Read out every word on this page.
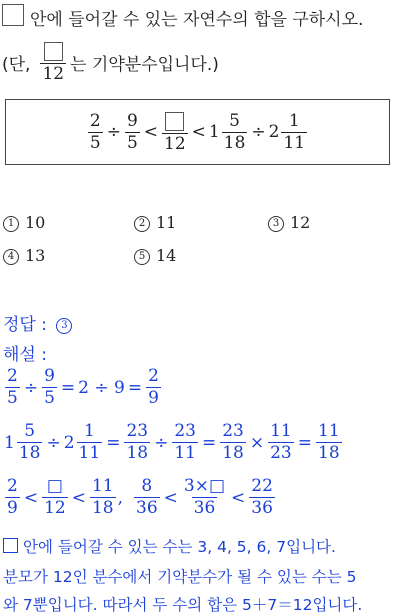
안에 들어갈 수 있는 자연수의 합을 구하시오.
(단, 12 는 기약분수입니다.)
$\frac{2}{5} \div \frac{9}{5}$ <
12
< $1 \frac{5}{18} \div 2 \frac{1}{11}$
1 10	2 11	3 12
4 13	5 14
정답 : 3
해설 :
$\frac{2}{5} \div \frac{9}{5} = 2 \div 9 = \frac{2}{9}$
$1 \frac{5}{18} \div 2 \frac{1}{11} = \frac{23}{18} \div \frac{23}{11} = \frac{23}{18} \times \frac{11}{23} = \frac{11}{18}$
$\frac{2}{9} < \frac{□}{12} < \frac{11}{18}$ , $\frac{8}{36} < \frac{3\times□}{36} < \frac{22}{36}$
안에 들어갈 수 있는 수는 3, 4, 5, 6, 7입니다.
분모가 12인 분수에서 기약분수가 될 수 있는 수는 5
와 7뿐입니다. 따라서 두 수의 합은 5＋7＝12입니다.
